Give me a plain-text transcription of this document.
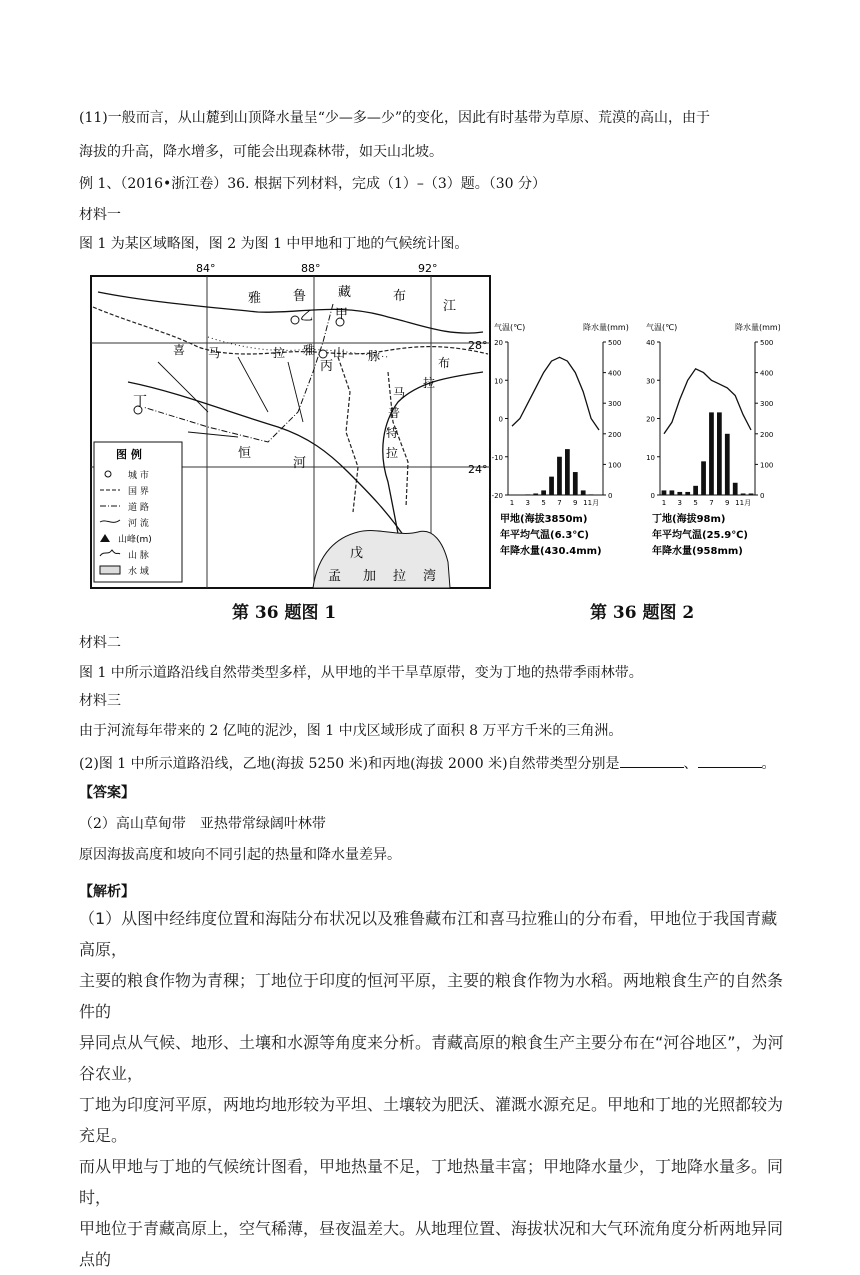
(11)一般而言，从山麓到山顶降水量呈“少—多—少”的变化，因此有时基带为草原、荒漠的高山，由于
海拔的升高，降水增多，可能会出现森林带，如天山北坡。
例 1、（2016•浙江卷）36. 根据下列材料，完成（1）–（3）题。（30 分）
材料一
图 1 为某区域略图，图 2 为图 1 中甲地和丁地的气候统计图。
84°	88°	92°
28°
24°
雅 鲁 藏	布
江
喜 马	拉 雅 山 脉
恒
河
布
拉
马
普
特
拉
孟 加 拉 湾
甲
乙
丙
丁
戊
图 例
城 市
国 界
道 路
河 流
山峰(m)
山 脉
水 域
第 36 题图 1
气温(℃)	降水量(mm)
20
10
0
-10
-20
500
400
300
200
100
0
1 3 5 7 9 11月
甲地(海拔3850m)
年平均气温(6.3℃)
年降水量(430.4mm)
气温(℃)	降水量(mm)
40
30
20
10
0
500
400
300
200
100
0
1 3 5 7 9 11月
丁地(海拔98m)
年平均气温(25.9℃)
年降水量(958mm)
第 36 题图 2
材料二
图 1 中所示道路沿线自然带类型多样，从甲地的半干旱草原带，变为丁地的热带季雨林带。
材料三
由于河流每年带来的 2 亿吨的泥沙，图 1 中戊区域形成了面积 8 万平方千米的三角洲。
(2)图 1 中所示道路沿线，乙地(海拔 5250 米)和丙地(海拔 2000 米)自然带类型分别是	、	。
【答案】
（2）高山草甸带　亚热带常绿阔叶林带
原因海拔高度和坡向不同引起的热量和降水量差异。
【解析】
（1）从图中经纬度位置和海陆分布状况以及雅鲁藏布江和喜马拉雅山的分布看，甲地位于我国青藏高原，
主要的粮食作物为青稞；丁地位于印度的恒河平原，主要的粮食作物为水稻。两地粮食生产的自然条件的
异同点从气候、地形、土壤和水源等角度来分析。青藏高原的粮食生产主要分布在“河谷地区”，为河谷农业，
丁地为印度河平原，两地均地形较为平坦、土壤较为肥沃、灌溉水源充足。甲地和丁地的光照都较为充足。
而从甲地与丁地的气候统计图看，甲地热量不足，丁地热量丰富；甲地降水量少，丁地降水量多。同时，
甲地位于青藏高原上，空气稀薄，昼夜温差大。从地理位置、海拔状况和大气环流角度分析两地异同点的
